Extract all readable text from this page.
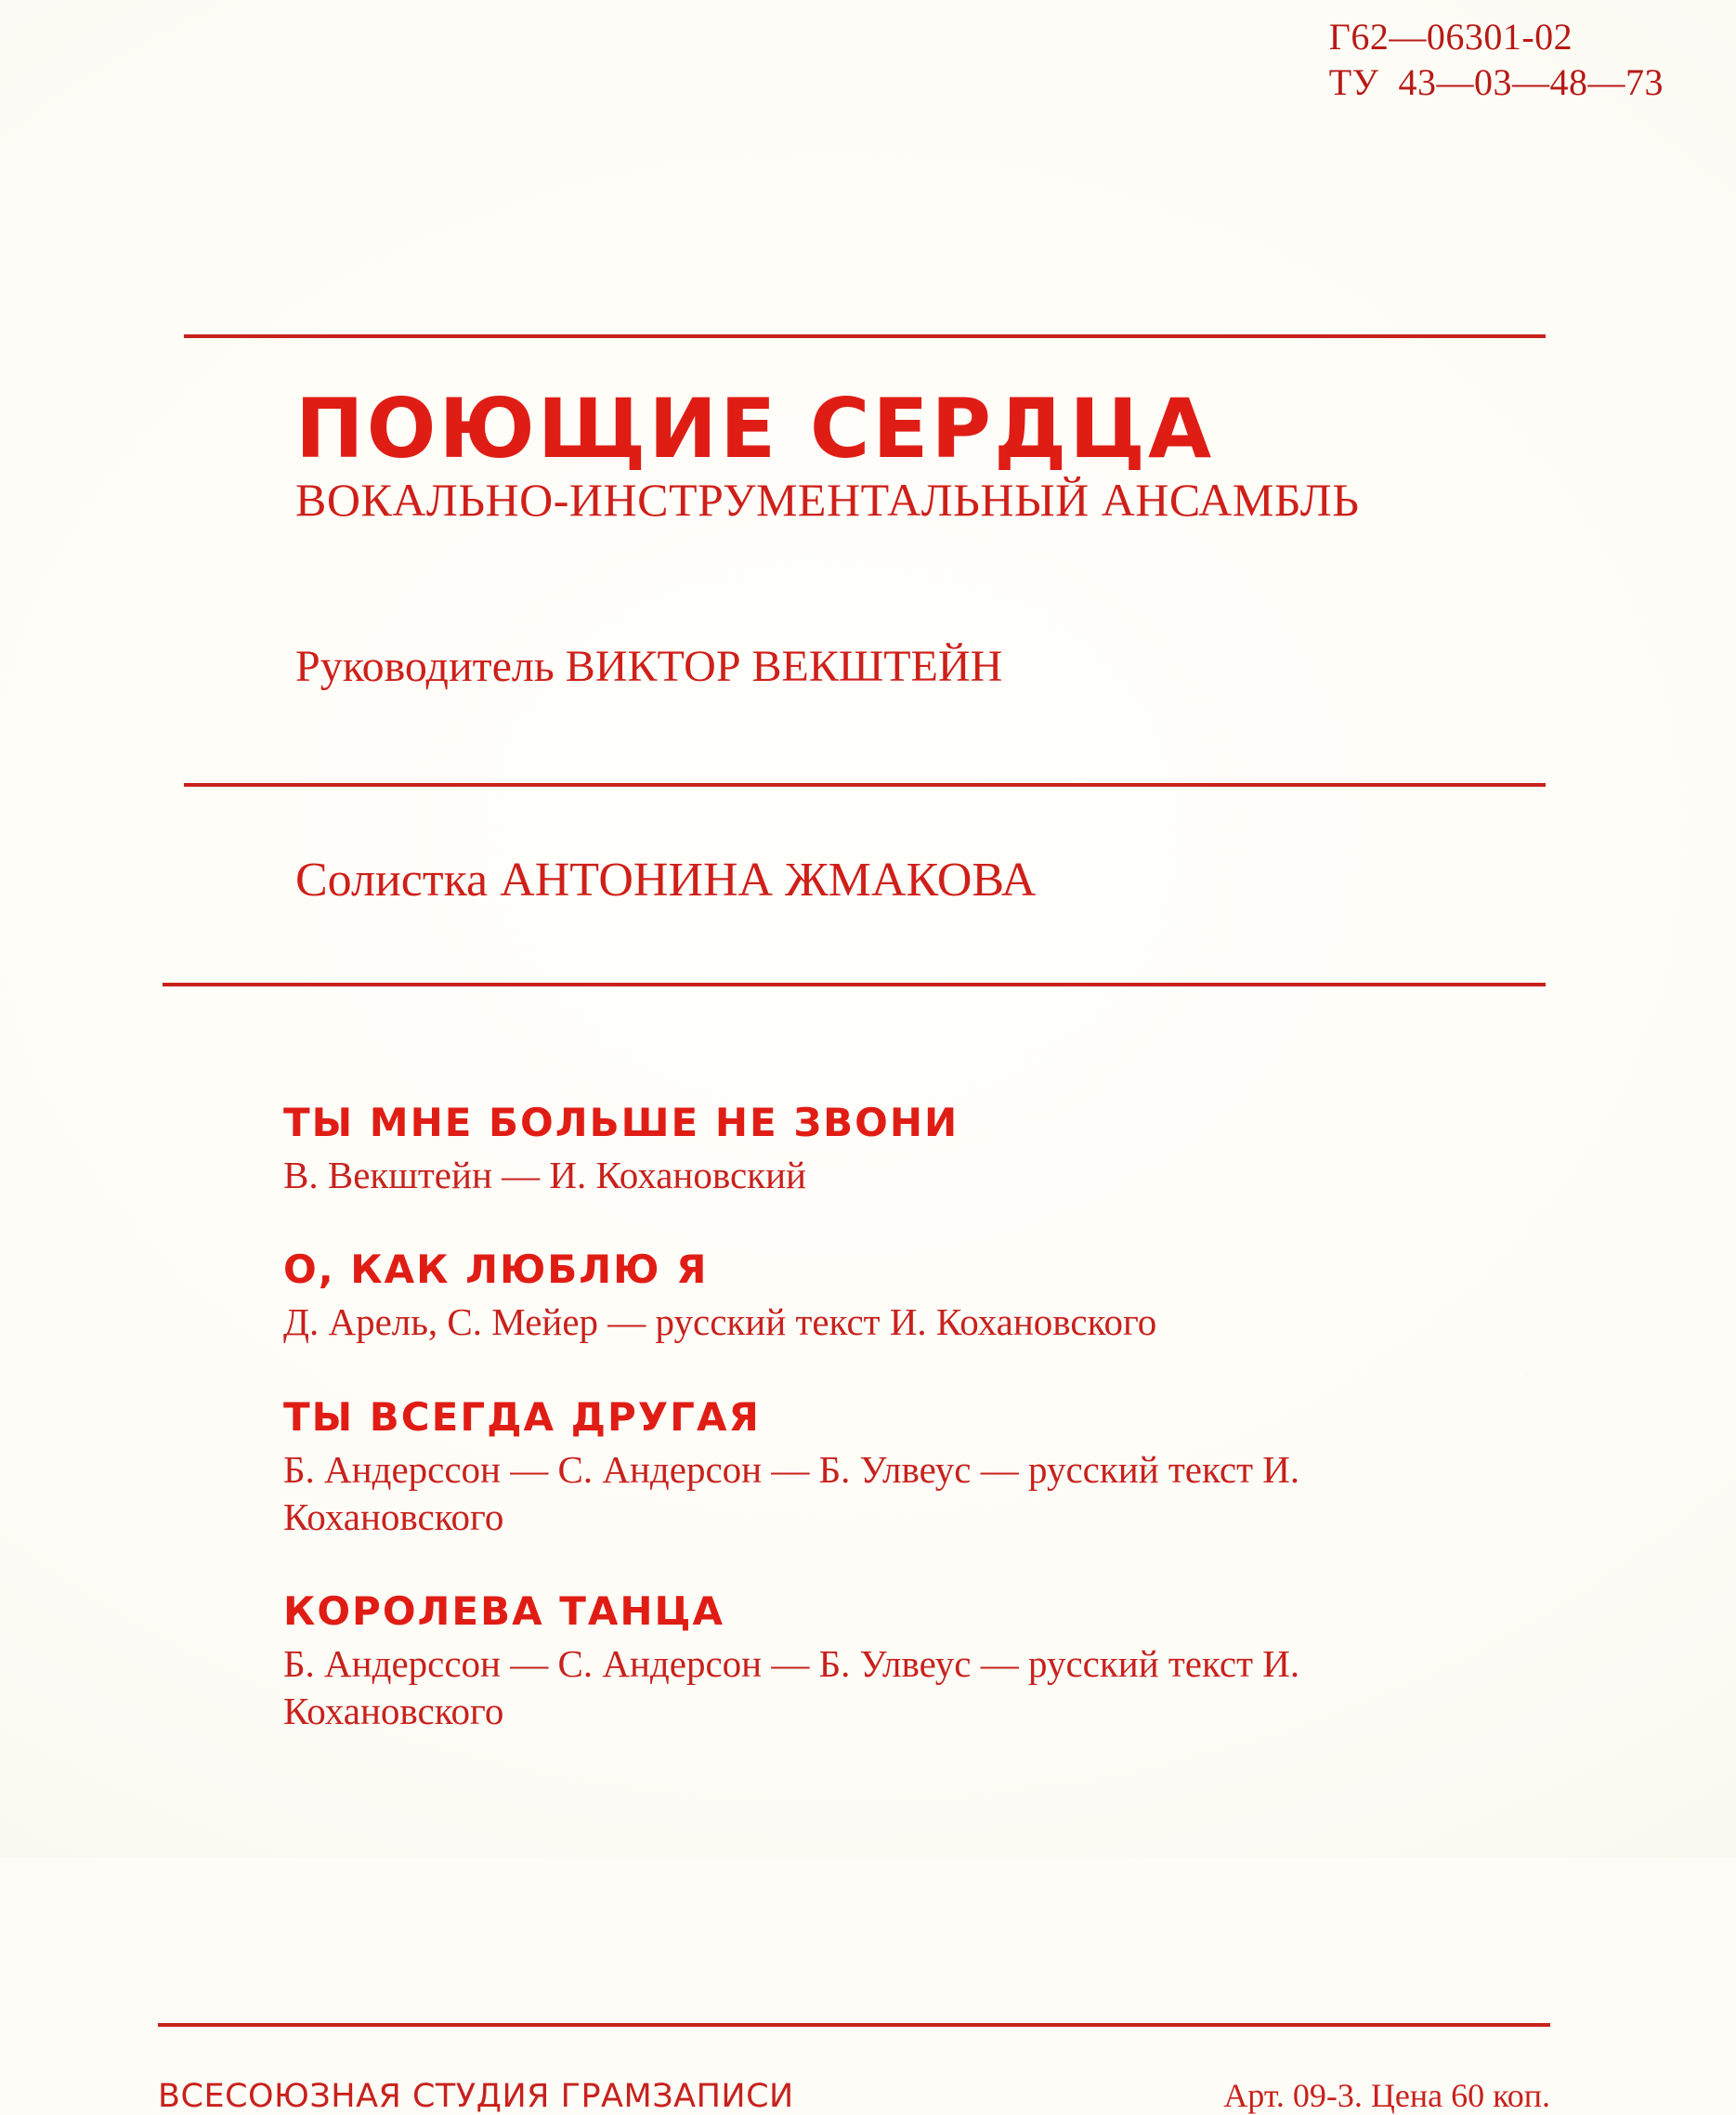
Г62—06301-02
ТУ  43—03—48—73
ПОЮЩИЕ СЕРДЦА

ВОКАЛЬНО-ИНСТРУМЕНТАЛЬНЫЙ АНСАМБЛЬ

Руководитель ВИКТОР ВЕКШТЕЙН
Солистка АНТОНИНА ЖМАКОВА
ТЫ МНЕ БОЛЬШЕ НЕ ЗВОНИ

В. Векштейн — И. Кохановский

О, КАК ЛЮБЛЮ Я

Д. Арель, С. Мейер — русский текст И. Кохановского

ТЫ ВСЕГДА ДРУГАЯ

Б. Андерссон — С. Андерсон — Б. Улвеус — русский текст И. Кохановского

КОРОЛЕВА ТАНЦА

Б. Андерссон — С. Андерсон — Б. Улвеус — русский текст И. Кохановского

ВСЕСОЮЗНАЯ СТУДИЯ ГРАМЗАПИСИ	Арт. 09-3. Цена 60 коп.
